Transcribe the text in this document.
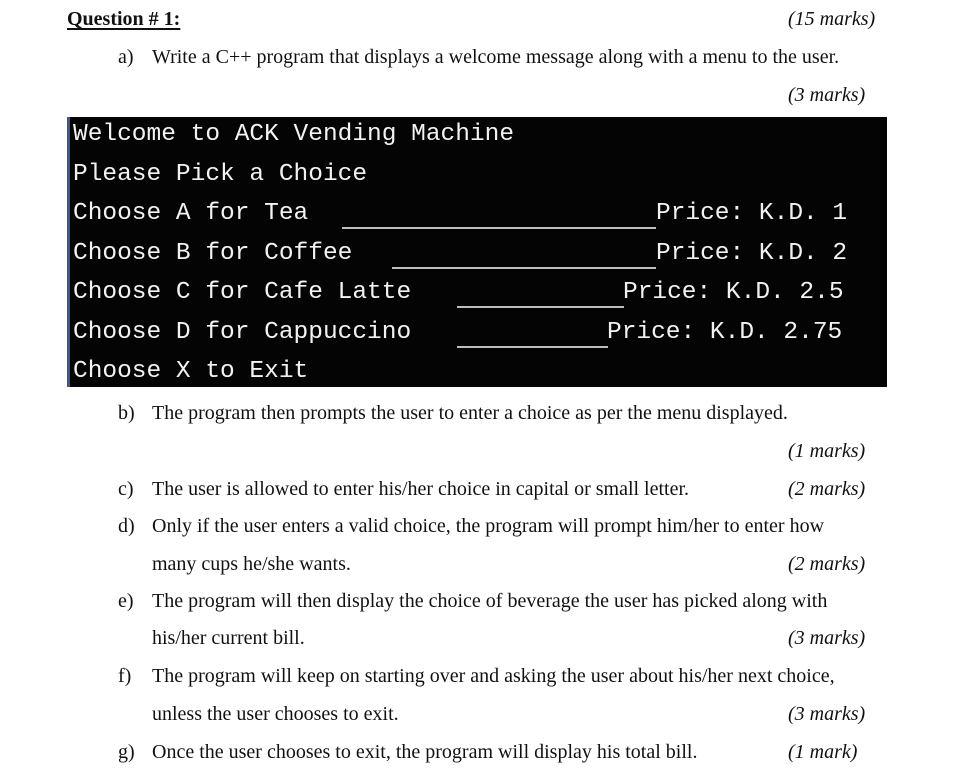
Question # 1:	(15 marks)
a) Write a C++ program that displays a welcome message along with a menu to the user.
(3 marks)
Welcome to ACK Vending Machine
Please Pick a Choice
Choose A for Tea	Price: K.D. 1
Choose B for Coffee	Price: K.D. 2
Choose C for Cafe Latte	Price: K.D. 2.5
Choose D for Cappuccino	Price: K.D. 2.75
Choose X to Exit
b) The program then prompts the user to enter a choice as per the menu displayed.
(1 marks)
c) The user is allowed to enter his/her choice in capital or small letter.	(2 marks)
d) Only if the user enters a valid choice, the program will prompt him/her to enter how
many cups he/she wants.	(2 marks)
e) The program will then display the choice of beverage the user has picked along with
his/her current bill.	(3 marks)
f) The program will keep on starting over and asking the user about his/her next choice,
unless the user chooses to exit.	(3 marks)
g) Once the user chooses to exit, the program will display his total bill.	(1 mark)
